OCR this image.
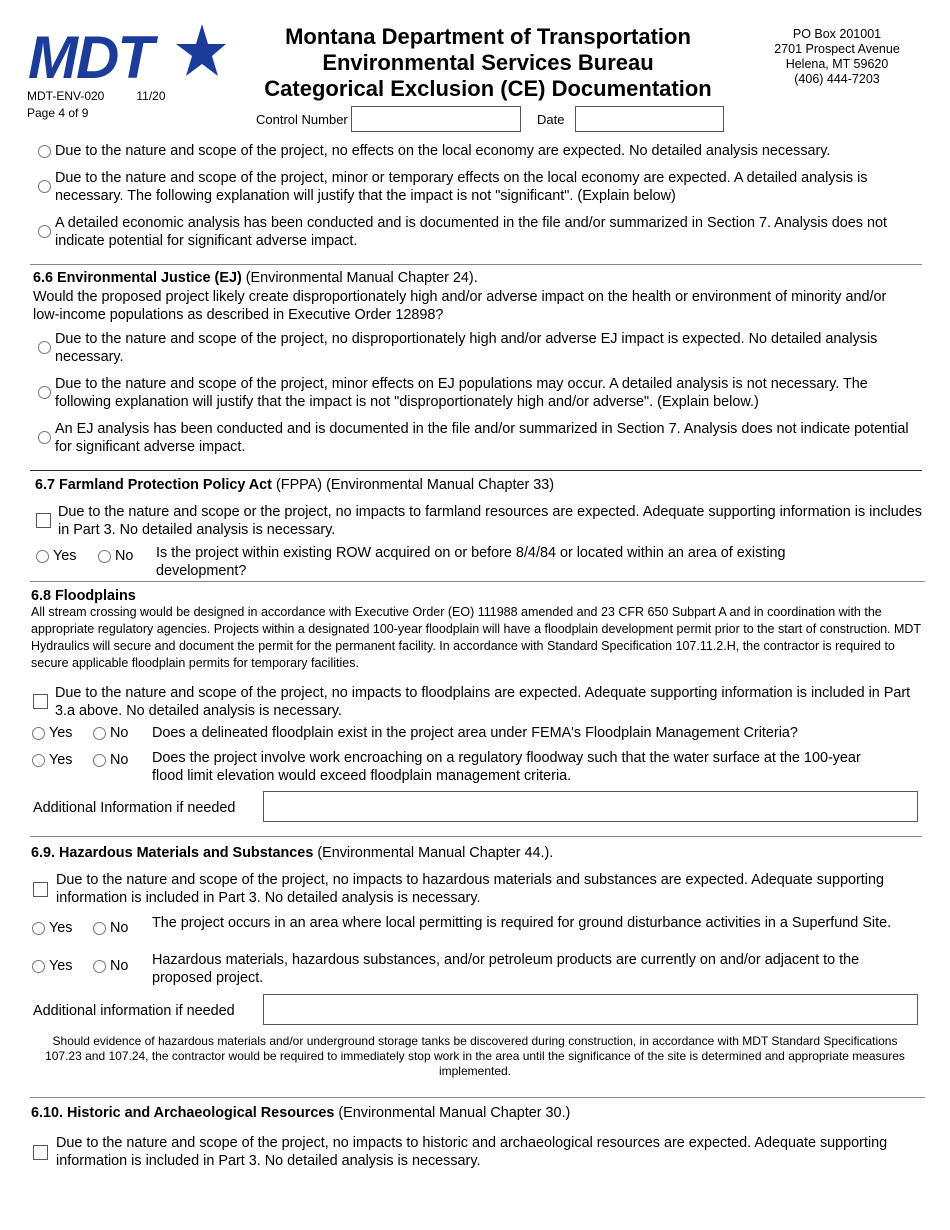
MDT
MDT-ENV-020	11/20
Page 4 of 9
Montana Department of Transportation
Environmental Services Bureau
Categorical Exclusion (CE) Documentation
PO Box 201001
2701 Prospect Avenue
Helena, MT 59620
(406) 444-7203
Control Number	Date
Due to the nature and scope of the project, no effects on the local economy are expected. No detailed analysis necessary.
Due to the nature and scope of the project, minor or temporary effects on the local economy are expected. A detailed analysis is necessary. The following explanation will justify that the impact is not "significant". (Explain below)
A detailed economic analysis has been conducted and is documented in the file and/or summarized in Section 7. Analysis does not indicate potential for significant adverse impact.
6.6 Environmental Justice (EJ) (Environmental Manual Chapter 24).
Would the proposed project likely create disproportionately high and/or adverse impact on the health or environment of minority and/or low-income populations as described in Executive Order 12898?
Due to the nature and scope of the project, no disproportionately high and/or adverse EJ impact is expected. No detailed analysis necessary.
Due to the nature and scope of the project, minor effects on EJ populations may occur. A detailed analysis is not necessary. The following explanation will justify that the impact is not "disproportionately high and/or adverse". (Explain below.)
An EJ analysis has been conducted and is documented in the file and/or summarized in Section 7. Analysis does not indicate potential for significant adverse impact.
6.7 Farmland Protection Policy Act (FPPA) (Environmental Manual Chapter 33)
Due to the nature and scope or the project, no impacts to farmland resources are expected. Adequate supporting information is includes in Part 3. No detailed analysis is necessary.
Yes	No Is the project within existing ROW acquired on or before 8/4/84 or located within an area of existing development?
6.8 Floodplains
All stream crossing would be designed in accordance with Executive Order (EO) 111988 amended and 23 CFR 650 Subpart A and in coordination with the appropriate regulatory agencies. Projects within a designated 100-year floodplain will have a floodplain development permit prior to the start of construction. MDT Hydraulics will secure and document the permit for the permanent facility. In accordance with Standard Specification 107.11.2.H, the contractor is required to secure applicable floodplain permits for temporary facilities.
Due to the nature and scope of the project, no impacts to floodplains are expected. Adequate supporting information is included in Part 3.a above. No detailed analysis is necessary.
Yes	No Does a delineated floodplain exist in the project area under FEMA's Floodplain Management Criteria?
Yes	No Does the project involve work encroaching on a regulatory floodway such that the water surface at the 100-year flood limit elevation would exceed floodplain management criteria.
Additional Information if needed
6.9. Hazardous Materials and Substances (Environmental Manual Chapter 44.).
Due to the nature and scope of the project, no impacts to hazardous materials and substances are expected. Adequate supporting information is included in Part 3. No detailed analysis is necessary.
Yes	No The project occurs in an area where local permitting is required for ground disturbance activities in a Superfund Site.
Yes	No Hazardous materials, hazardous substances, and/or petroleum products are currently on and/or adjacent to the proposed project.
Additional information if needed
Should evidence of hazardous materials and/or underground storage tanks be discovered during construction, in accordance with MDT Standard Specifications 107.23 and 107.24, the contractor would be required to immediately stop work in the area until the significance of the site is determined and appropriate measures implemented.
6.10. Historic and Archaeological Resources (Environmental Manual Chapter 30.)
Due to the nature and scope of the project, no impacts to historic and archaeological resources are expected. Adequate supporting information is included in Part 3. No detailed analysis is necessary.
